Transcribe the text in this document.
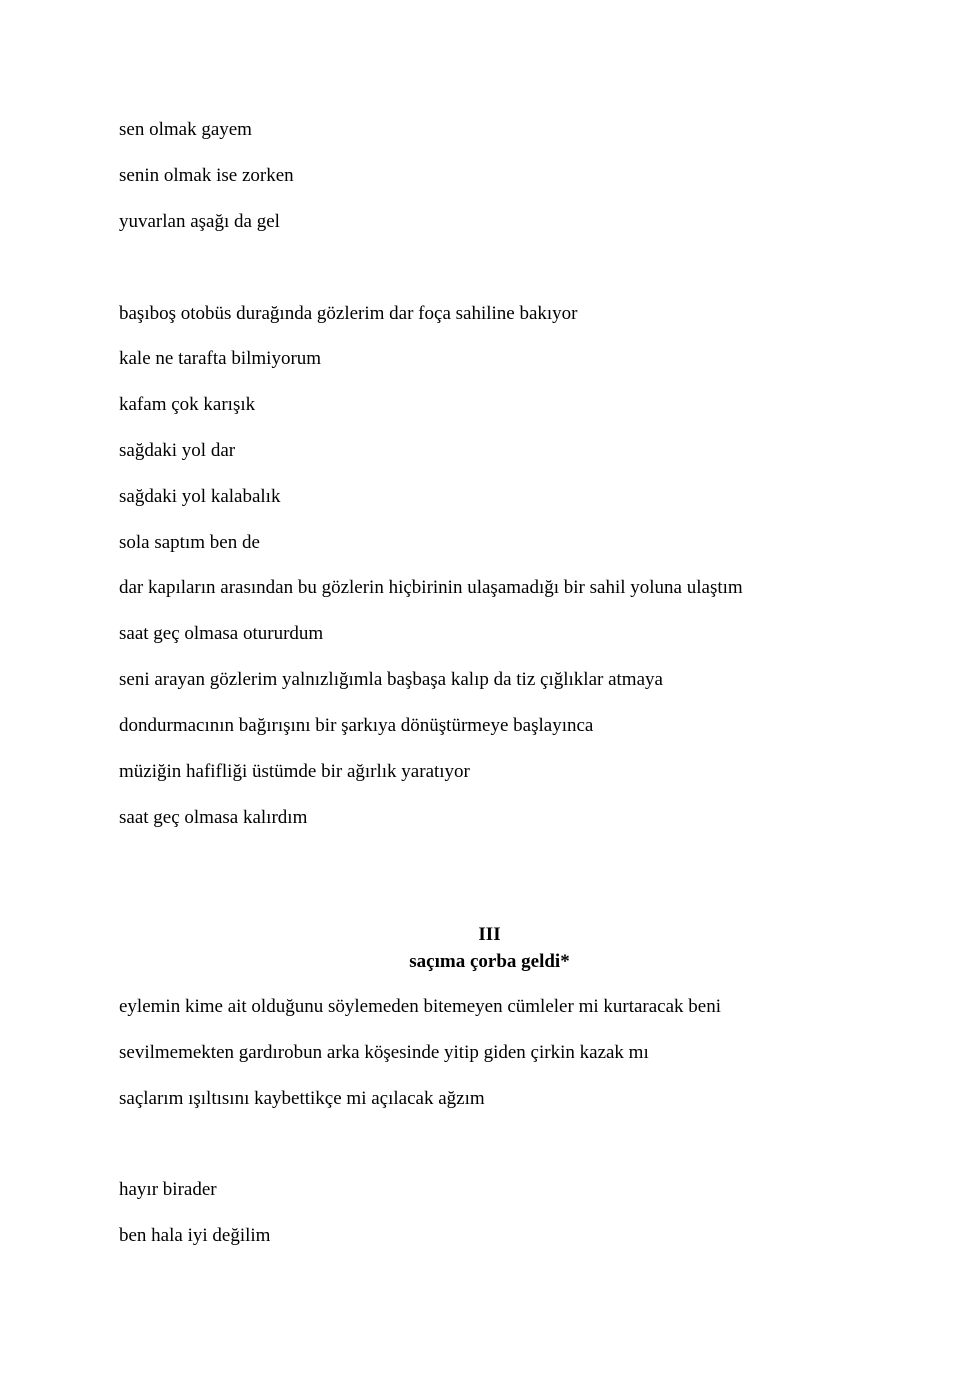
sen olmak gayem
senin olmak ise zorken
yuvarlan aşağı da gel
başıboş otobüs durağında gözlerim dar foça sahiline bakıyor
kale ne tarafta bilmiyorum
kafam çok karışık
sağdaki yol dar
sağdaki yol kalabalık
sola saptım ben de
dar kapıların arasından bu gözlerin hiçbirinin ulaşamadığı bir sahil yoluna ulaştım
saat geç olmasa otururdum
seni arayan gözlerim yalnızlığımla başbaşa kalıp da tiz çığlıklar atmaya
dondurmacının bağırışını bir şarkıya dönüştürmeye başlayınca
müziğin hafifliği üstümde bir ağırlık yaratıyor
saat geç olmasa kalırdım
III
saçıma çorba geldi*
eylemin kime ait olduğunu söylemeden bitemeyen cümleler mi kurtaracak beni
sevilmemekten gardırobun arka köşesinde yitip giden çirkin kazak mı
saçlarım ışıltısını kaybettikçe mi açılacak ağzım
hayır birader
ben hala iyi değilim
